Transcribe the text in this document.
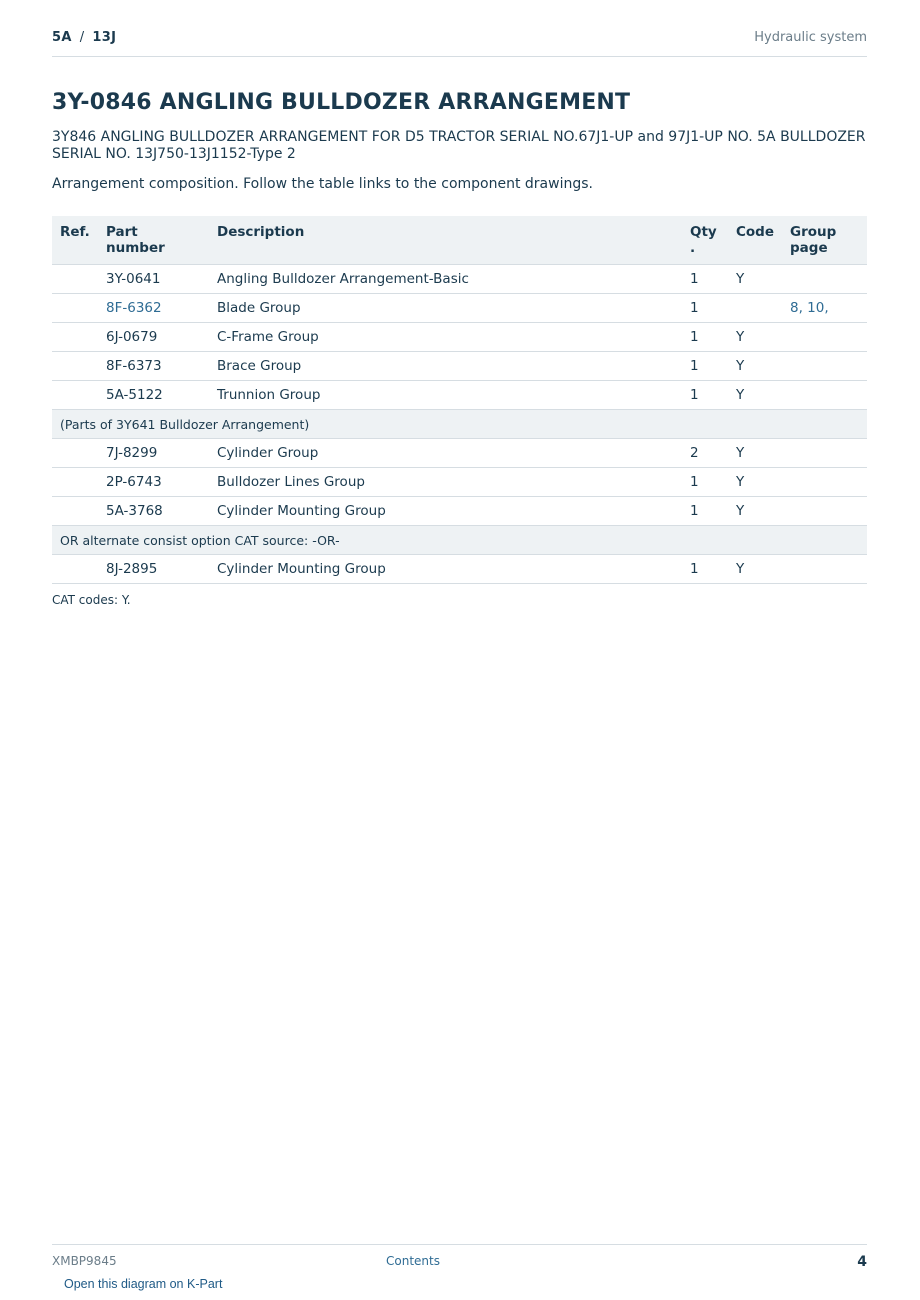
5A / 13J	Hydraulic system
3Y-0846 ANGLING BULLDOZER ARRANGEMENT

3Y846 ANGLING BULLDOZER ARRANGEMENT FOR D5 TRACTOR SERIAL NO.67J1-UP and 97J1-UP NO. 5A BULLDOZER SERIAL NO. 13J750-13J1152-Type 2

Arrangement composition. Follow the table links to the component drawings.

Ref.	Part number	Description	Qty .	Code	Group page
	3Y-0641	Angling Bulldozer Arrangement-Basic	1	Y	
	8F-6362	Blade Group	1		8, 10,
	6J-0679	C-Frame Group	1	Y	
	8F-6373	Brace Group	1	Y	
	5A-5122	Trunnion Group	1	Y	
(Parts of 3Y641 Bulldozer Arrangement)					
	7J-8299	Cylinder Group	2	Y	
	2P-6743	Bulldozer Lines Group	1	Y	
	5A-3768	Cylinder Mounting Group	1	Y	
OR alternate consist option CAT source: -OR-					
	8J-2895	Cylinder Mounting Group	1	Y	
CAT codes: Y.
XMBP9845	Contents	4
Open this diagram on K-Part
